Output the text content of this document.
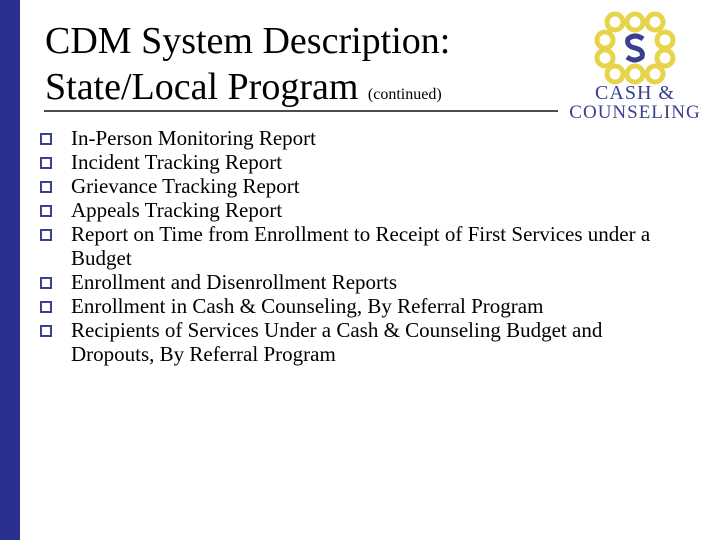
CDM System Description:
State/Local Program (continued)	CASH &
COUNSELING
In-Person Monitoring Report
Incident Tracking Report
Grievance Tracking Report
Appeals Tracking Report
Report on Time from Enrollment to Receipt of First Services under a Budget
Enrollment and Disenrollment Reports
Enrollment in Cash & Counseling, By Referral Program
Recipients of Services Under a Cash & Counseling Budget and Dropouts, By Referral Program
